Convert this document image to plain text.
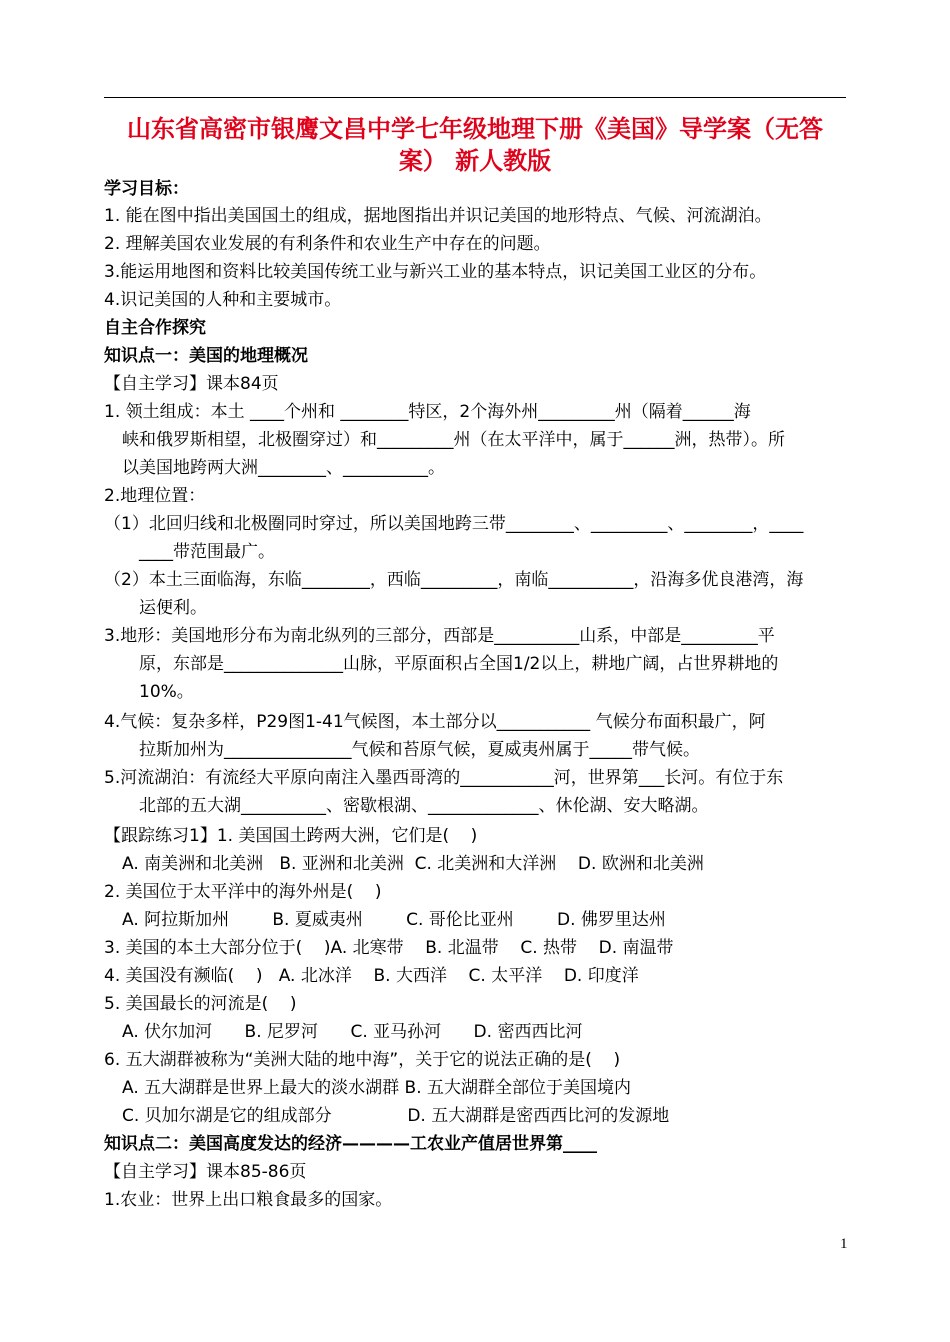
山东省高密市银鹰文昌中学七年级地理下册《美国》导学案（无答
案） 新人教版
学习目标：
1. 能在图中指出美国国土的组成，据地图指出并识记美国的地形特点、气候、河流湖泊。
2. 理解美国农业发展的有利条件和农业生产中存在的问题。
3.能运用地图和资料比较美国传统工业与新兴工业的基本特点，识记美国工业区的分布。
4.识记美国的人种和主要城市。
自主合作探究
知识点一：美国的地理概况
【自主学习】课本84页
1. 领土组成：本土 ____个州和 ________特区，2个海外州_________州（隔着______海
峡和俄罗斯相望，北极圈穿过）和_________州（在太平洋中，属于______洲，热带）。所
以美国地跨两大洲________、__________。
2.地理位置：
（1）北回归线和北极圈同时穿过，所以美国地跨三带________、_________、________，____
____带范围最广。
（2）本土三面临海，东临________，西临_________，南临__________，沿海多优良港湾，海
运便利。
3.地形：美国地形分布为南北纵列的三部分，西部是__________山系，中部是_________平
原，东部是______________山脉，平原面积占全国1/2以上，耕地广阔，占世界耕地的
10%。
4.气候：复杂多样，P29图1-41气候图，本土部分以___________ 气候分布面积最广，阿
拉斯加州为_______________气候和苔原气候，夏威夷州属于_____带气候。
5.河流湖泊：有流经大平原向南注入墨西哥湾的___________河，世界第___长河。有位于东
北部的五大湖__________、密歇根湖、_____________、休伦湖、安大略湖。
【跟踪练习1】1. 美国国土跨两大洲，它们是(    )
A. 南美洲和北美洲   B. 亚洲和北美洲  C. 北美洲和大洋洲    D. 欧洲和北美洲
2. 美国位于太平洋中的海外州是(    )
A. 阿拉斯加州        B. 夏威夷州        C. 哥伦比亚州        D. 佛罗里达州
3. 美国的本土大部分位于(    )A. 北寒带    B. 北温带    C. 热带    D. 南温带
4. 美国没有濒临(    )   A. 北冰洋    B. 大西洋    C. 太平洋    D. 印度洋
5. 美国最长的河流是(    )
A. 伏尔加河      B. 尼罗河      C. 亚马孙河      D. 密西西比河
6. 五大湖群被称为“美洲大陆的地中海”，关于它的说法正确的是(    )
A. 五大湖群是世界上最大的淡水湖群 B. 五大湖群全部位于美国境内
C. 贝加尔湖是它的组成部分              D. 五大湖群是密西西比河的发源地
知识点二：美国高度发达的经济————工农业产值居世界第____
【自主学习】课本85-86页
1.农业：世界上出口粮食最多的国家。
1
